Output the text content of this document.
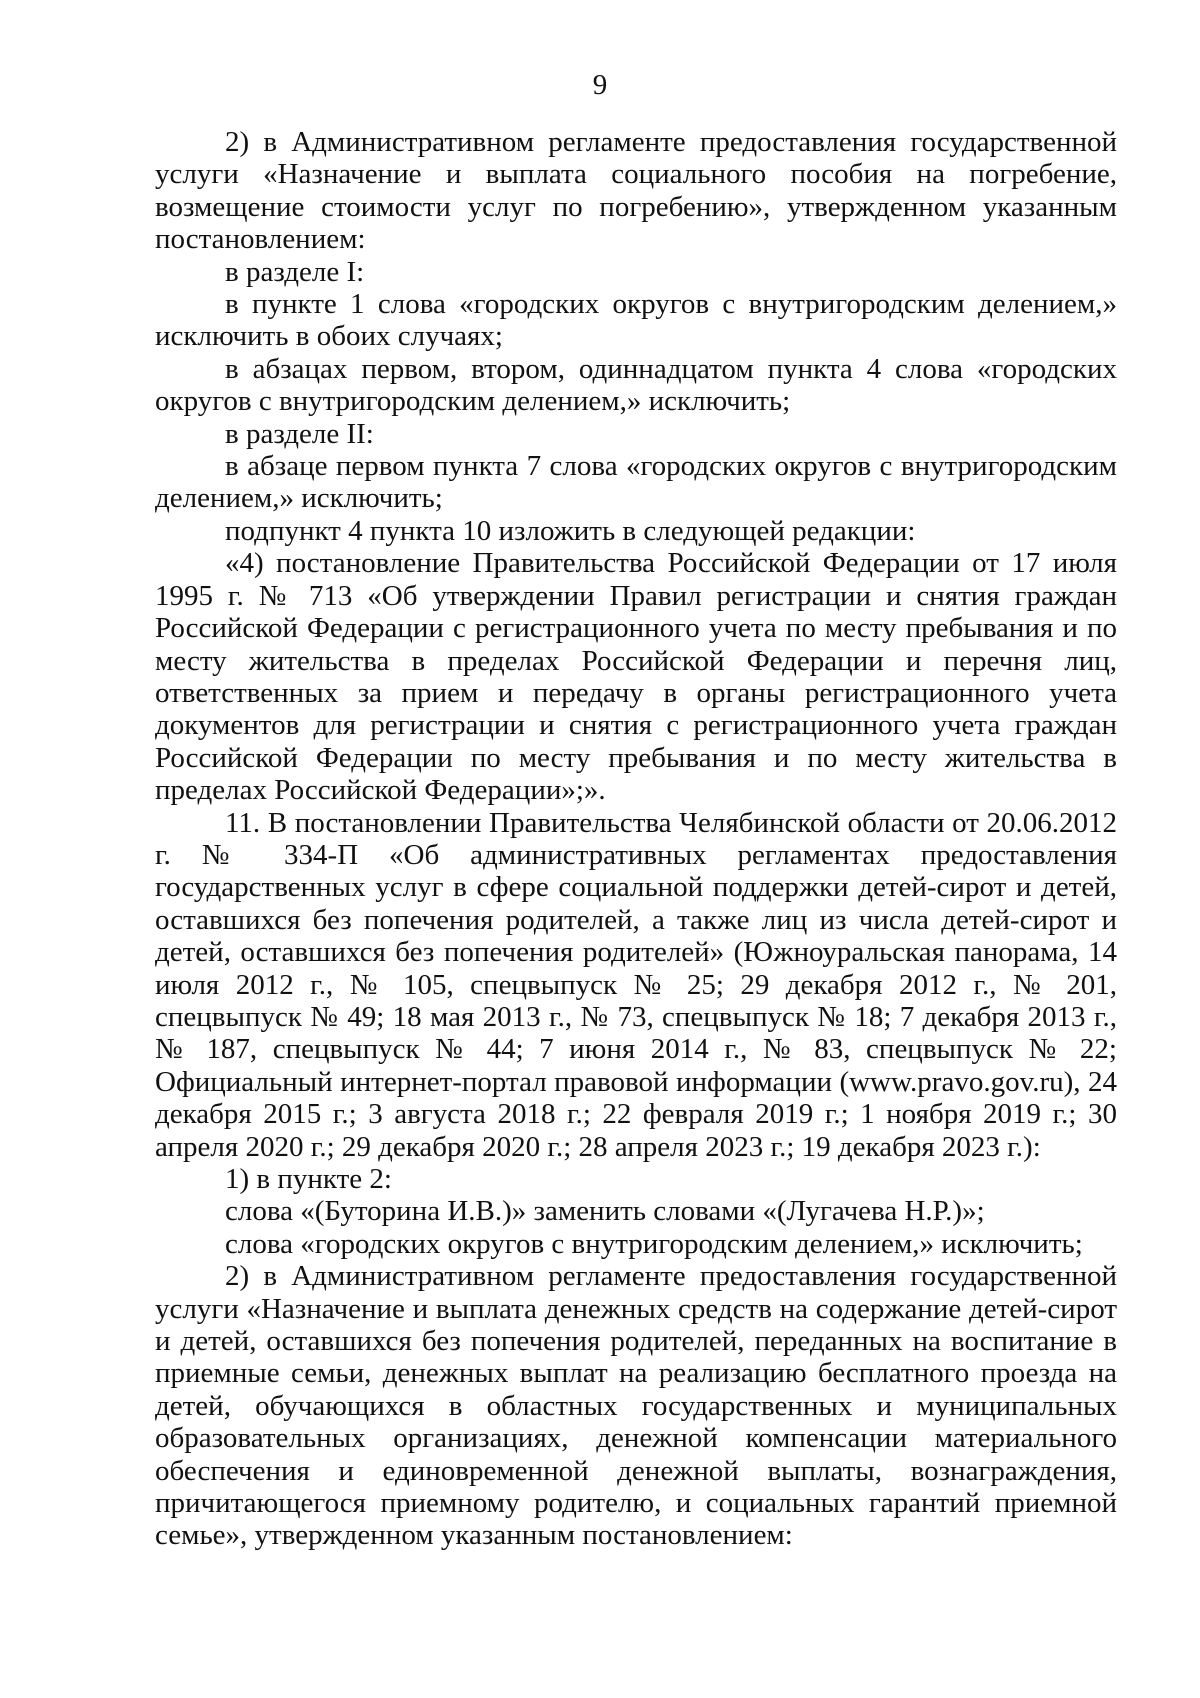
9

2) в Административном регламенте предоставления государственной услуги «Назначение и выплата социального пособия на погребение, возмещение стоимости услуг по погребению», утвержденном указанным постановлением:

в разделе I:

в пункте 1 слова «городских округов с внутригородским делением,» исключить в обоих случаях;

в абзацах первом, втором, одиннадцатом пункта 4 слова «городских округов с внутригородским делением,» исключить;

в разделе II:

в абзаце первом пункта 7 слова «городских округов с внутригородским делением,» исключить;

подпункт 4 пункта 10 изложить в следующей редакции:

«4) постановление Правительства Российской Федерации от 17 июля 1995 г. № 713 «Об утверждении Правил регистрации и снятия граждан Российской Федерации с регистрационного учета по месту пребывания и по месту жительства в пределах Российской Федерации и перечня лиц, ответственных за прием и передачу в органы регистрационного учета документов для регистрации и снятия с регистрационного учета граждан Российской Федерации по месту пребывания и по месту жительства в пределах Российской Федерации»;».

11. В постановлении Правительства Челябинской области от 20.06.2012 г. № 334-П «Об административных регламентах предоставления государственных услуг в сфере социальной поддержки детей-сирот и детей, оставшихся без попечения родителей, а также лиц из числа детей-сирот и детей, оставшихся без попечения родителей» (Южноуральская панорама, 14 июля 2012 г., № 105, спецвыпуск № 25; 29 декабря 2012 г., № 201, спецвыпуск № 49; 18 мая 2013 г., № 73, спецвыпуск № 18; 7 декабря 2013 г., № 187, спецвыпуск № 44; 7 июня 2014 г., № 83, спецвыпуск № 22; Официальный интернет-портал правовой информации (www.pravo.gov.ru), 24 декабря 2015 г.; 3 августа 2018 г.; 22 февраля 2019 г.; 1 ноября 2019 г.; 30 апреля 2020 г.; 29 декабря 2020 г.; 28 апреля 2023 г.; 19 декабря 2023 г.):

1) в пункте 2:

слова «(Буторина И.В.)» заменить словами «(Лугачева Н.Р.)»;

слова «городских округов с внутригородским делением,» исключить;

2) в Административном регламенте предоставления государственной услуги «Назначение и выплата денежных средств на содержание детей-сирот и детей, оставшихся без попечения родителей, переданных на воспитание в приемные семьи, денежных выплат на реализацию бесплатного проезда на детей, обучающихся в областных государственных и муниципальных образовательных организациях, денежной компенсации материального обеспечения и единовременной денежной выплаты, вознаграждения, причитающегося приемному родителю, и социальных гарантий приемной семье», утвержденном указанным постановлением:
